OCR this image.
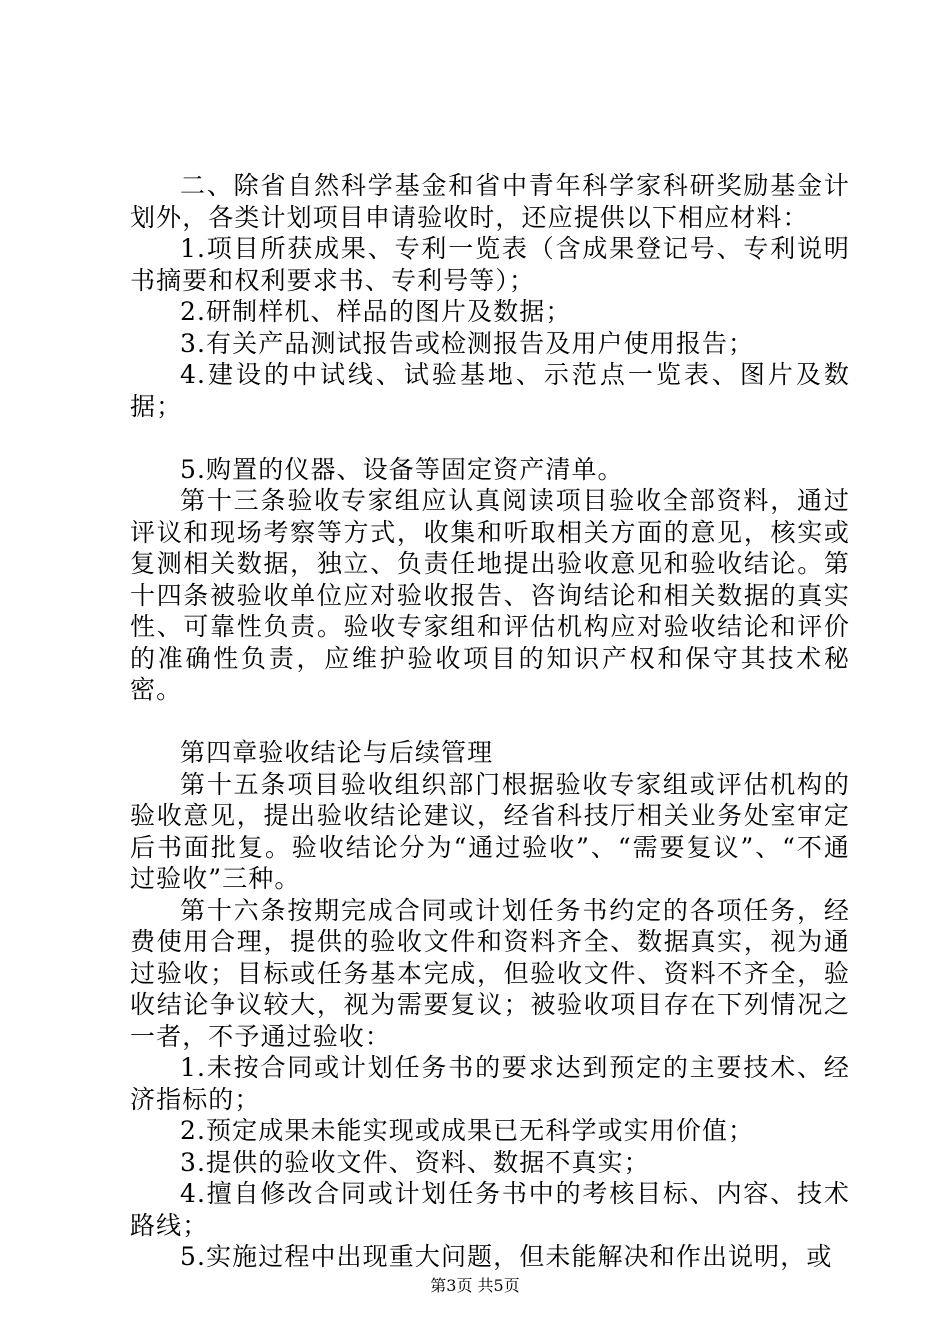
二、除省自然科学基金和省中青年科学家科研奖励基金计划外，各类计划项目申请验收时，还应提供以下相应材料：

1.项目所获成果、专利一览表（含成果登记号、专利说明书摘要和权利要求书、专利号等）；

2.研制样机、样品的图片及数据；

3.有关产品测试报告或检测报告及用户使用报告；

4.建设的中试线、试验基地、示范点一览表、图片及数据；

5.购置的仪器、设备等固定资产清单。

第十三条验收专家组应认真阅读项目验收全部资料，通过评议和现场考察等方式，收集和听取相关方面的意见，核实或复测相关数据，独立、负责任地提出验收意见和验收结论。第十四条被验收单位应对验收报告、咨询结论和相关数据的真实性、可靠性负责。验收专家组和评估机构应对验收结论和评价的准确性负责，应维护验收项目的知识产权和保守其技术秘密。

第四章验收结论与后续管理

第十五条项目验收组织部门根据验收专家组或评估机构的验收意见，提出验收结论建议，经省科技厅相关业务处室审定后书面批复。验收结论分为“通过验收”、“需要复议”、“不通过验收”三种。

第十六条按期完成合同或计划任务书约定的各项任务，经费使用合理，提供的验收文件和资料齐全、数据真实，视为通过验收；目标或任务基本完成，但验收文件、资料不齐全，验收结论争议较大，视为需要复议；被验收项目存在下列情况之一者，不予通过验收：

1.未按合同或计划任务书的要求达到预定的主要技术、经济指标的；

2.预定成果未能实现或成果已无科学或实用价值；

3.提供的验收文件、资料、数据不真实；

4.擅自修改合同或计划任务书中的考核目标、内容、技术路线；

5.实施过程中出现重大问题，但未能解决和作出说明，或

第3页 共5页
